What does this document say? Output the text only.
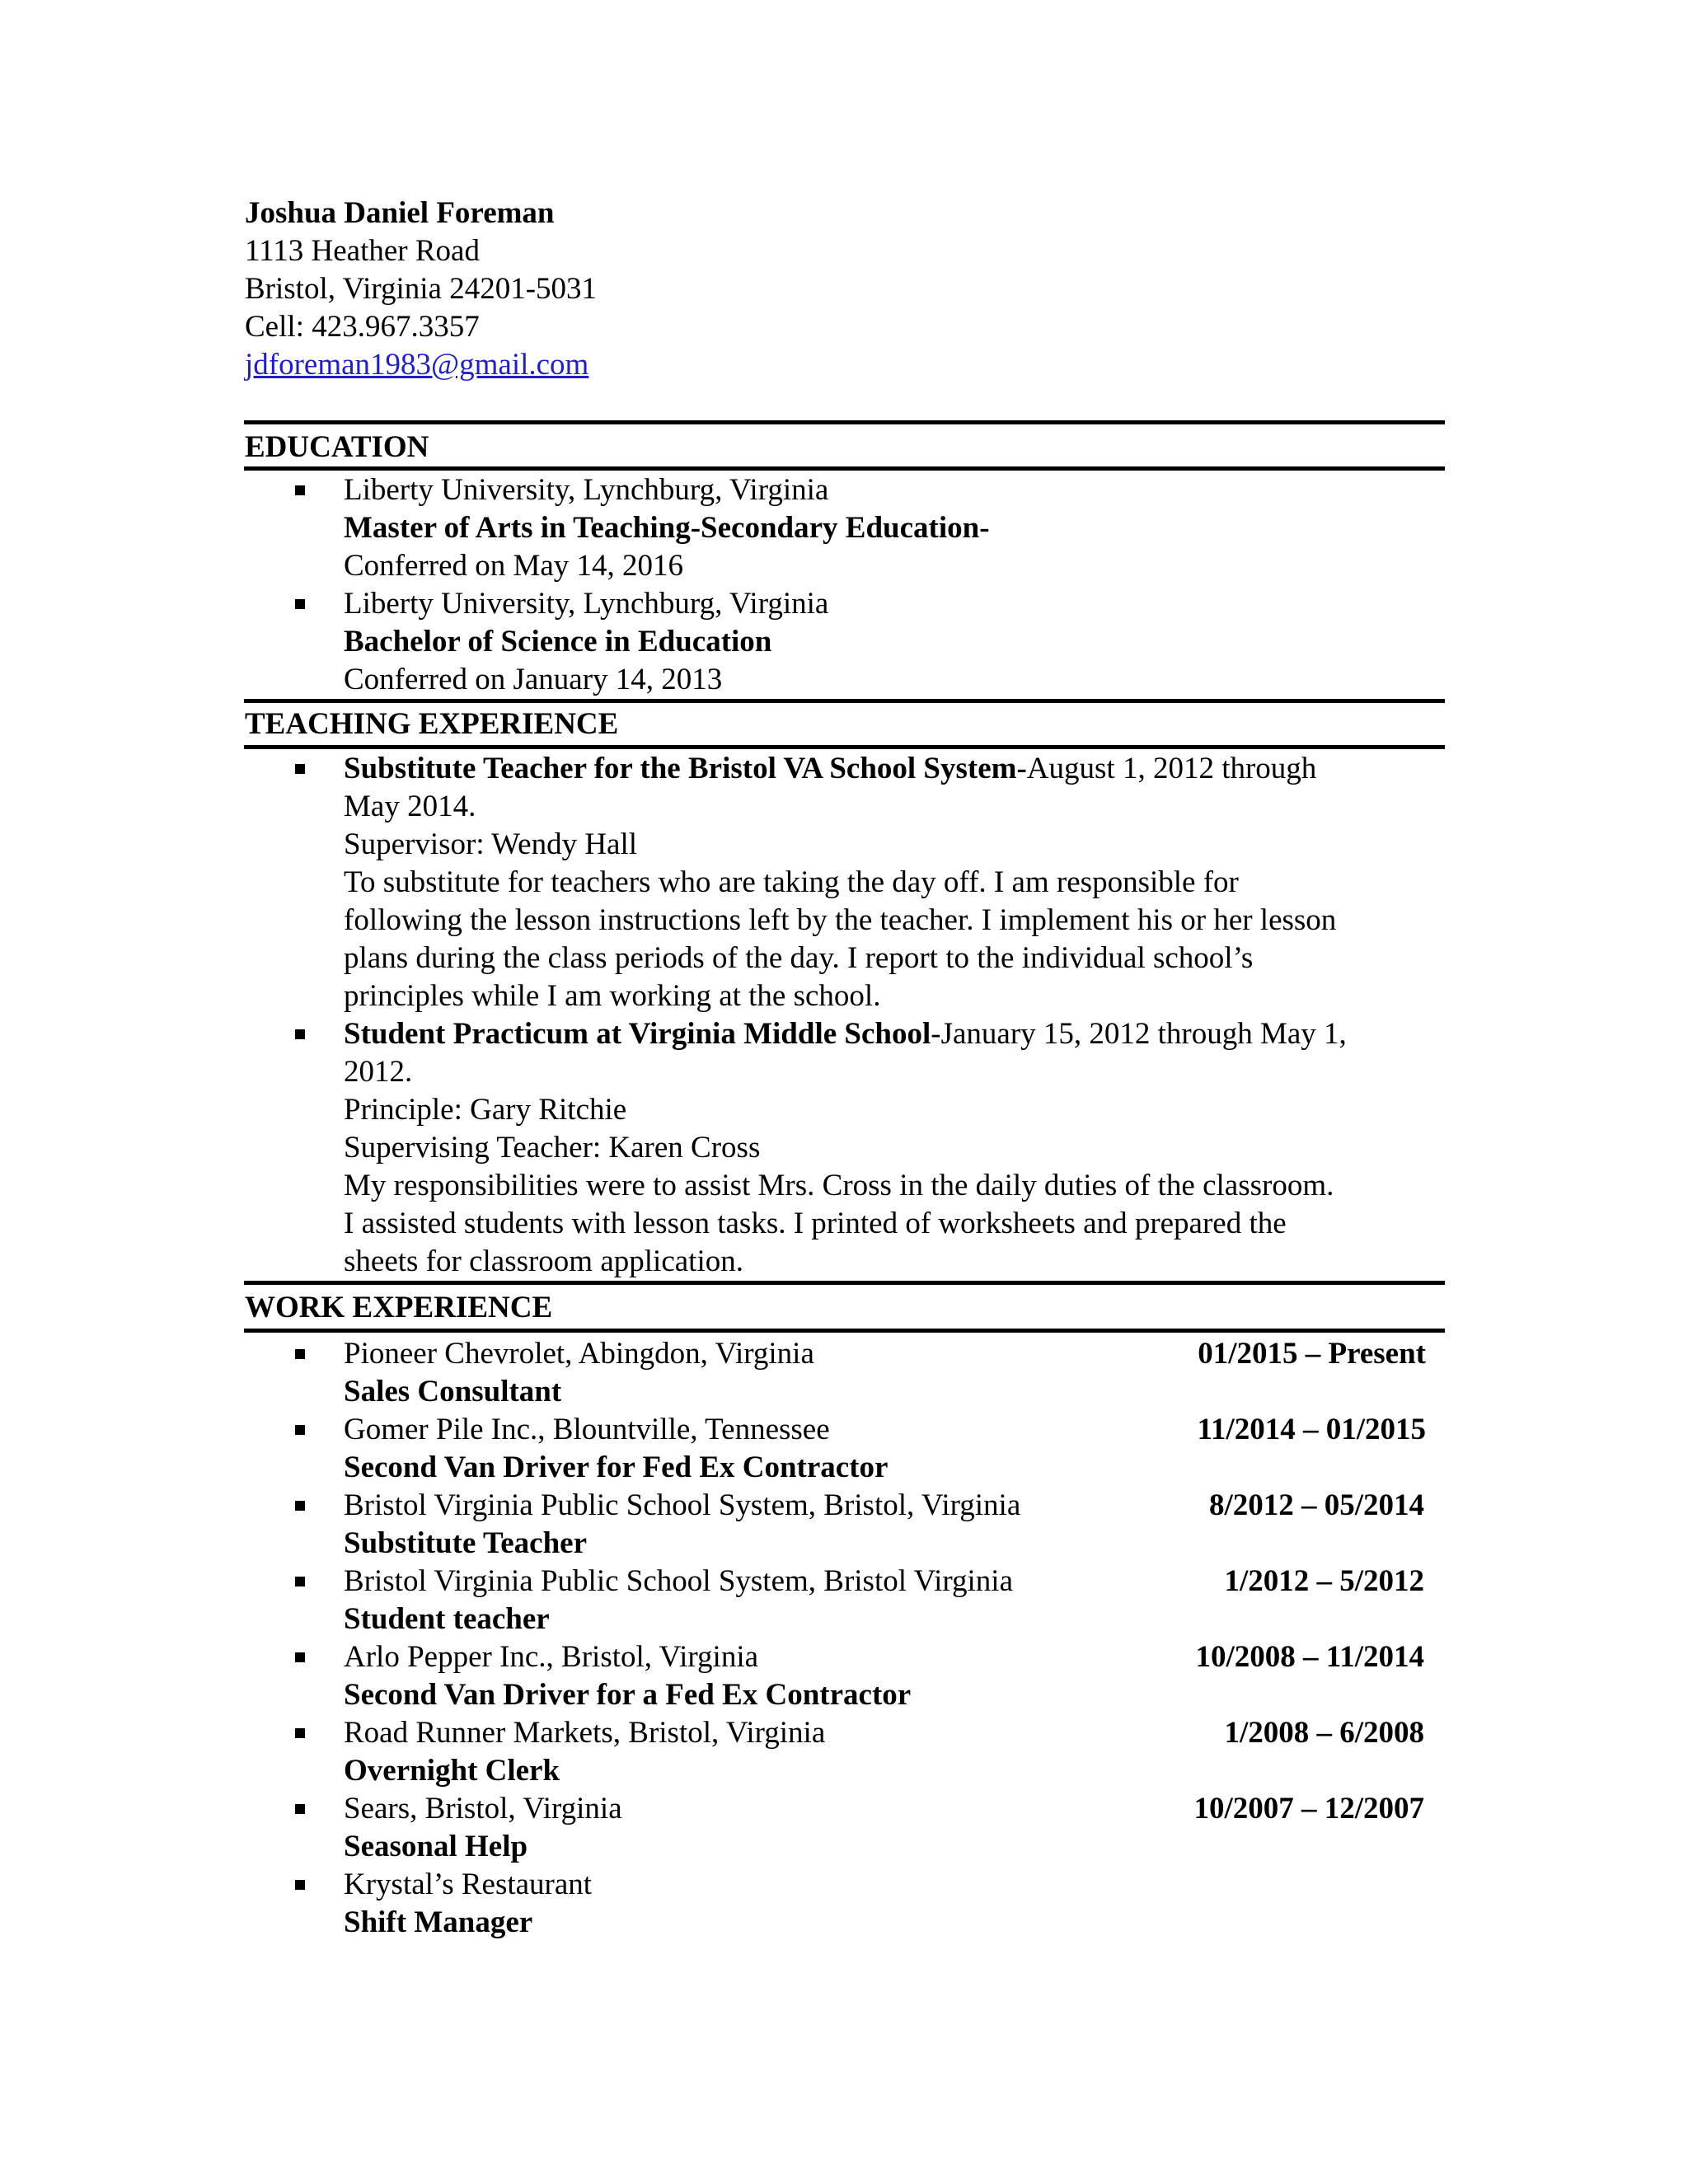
Joshua Daniel Foreman
1113 Heather Road
Bristol, Virginia 24201-5031
Cell: 423.967.3357
jdforeman1983@gmail.com
EDUCATION
Liberty University, Lynchburg, Virginia
Master of Arts in Teaching-Secondary Education-
Conferred on May 14, 2016
Liberty University, Lynchburg, Virginia
Bachelor of Science in Education
Conferred on January 14, 2013
TEACHING EXPERIENCE
Substitute Teacher for the Bristol VA School System-August 1, 2012 through
May 2014.
Supervisor: Wendy Hall
To substitute for teachers who are taking the day off. I am responsible for
following the lesson instructions left by the teacher. I implement his or her lesson
plans during the class periods of the day. I report to the individual school’s
principles while I am working at the school.
Student Practicum at Virginia Middle School-January 15, 2012 through May 1,
2012.
Principle: Gary Ritchie
Supervising Teacher: Karen Cross
My responsibilities were to assist Mrs. Cross in the daily duties of the classroom.
I assisted students with lesson tasks. I printed of worksheets and prepared the
sheets for classroom application.
WORK EXPERIENCE
Pioneer Chevrolet, Abingdon, Virginia	01/2015 – Present
Sales Consultant
Gomer Pile Inc., Blountville, Tennessee	11/2014 – 01/2015
Second Van Driver for Fed Ex Contractor
Bristol Virginia Public School System, Bristol, Virginia	8/2012 – 05/2014
Substitute Teacher
Bristol Virginia Public School System, Bristol Virginia	1/2012 – 5/2012
Student teacher
Arlo Pepper Inc., Bristol, Virginia	10/2008 – 11/2014
Second Van Driver for a Fed Ex Contractor
Road Runner Markets, Bristol, Virginia	1/2008 – 6/2008
Overnight Clerk
Sears, Bristol, Virginia	10/2007 – 12/2007
Seasonal Help
Krystal’s Restaurant
Shift Manager
